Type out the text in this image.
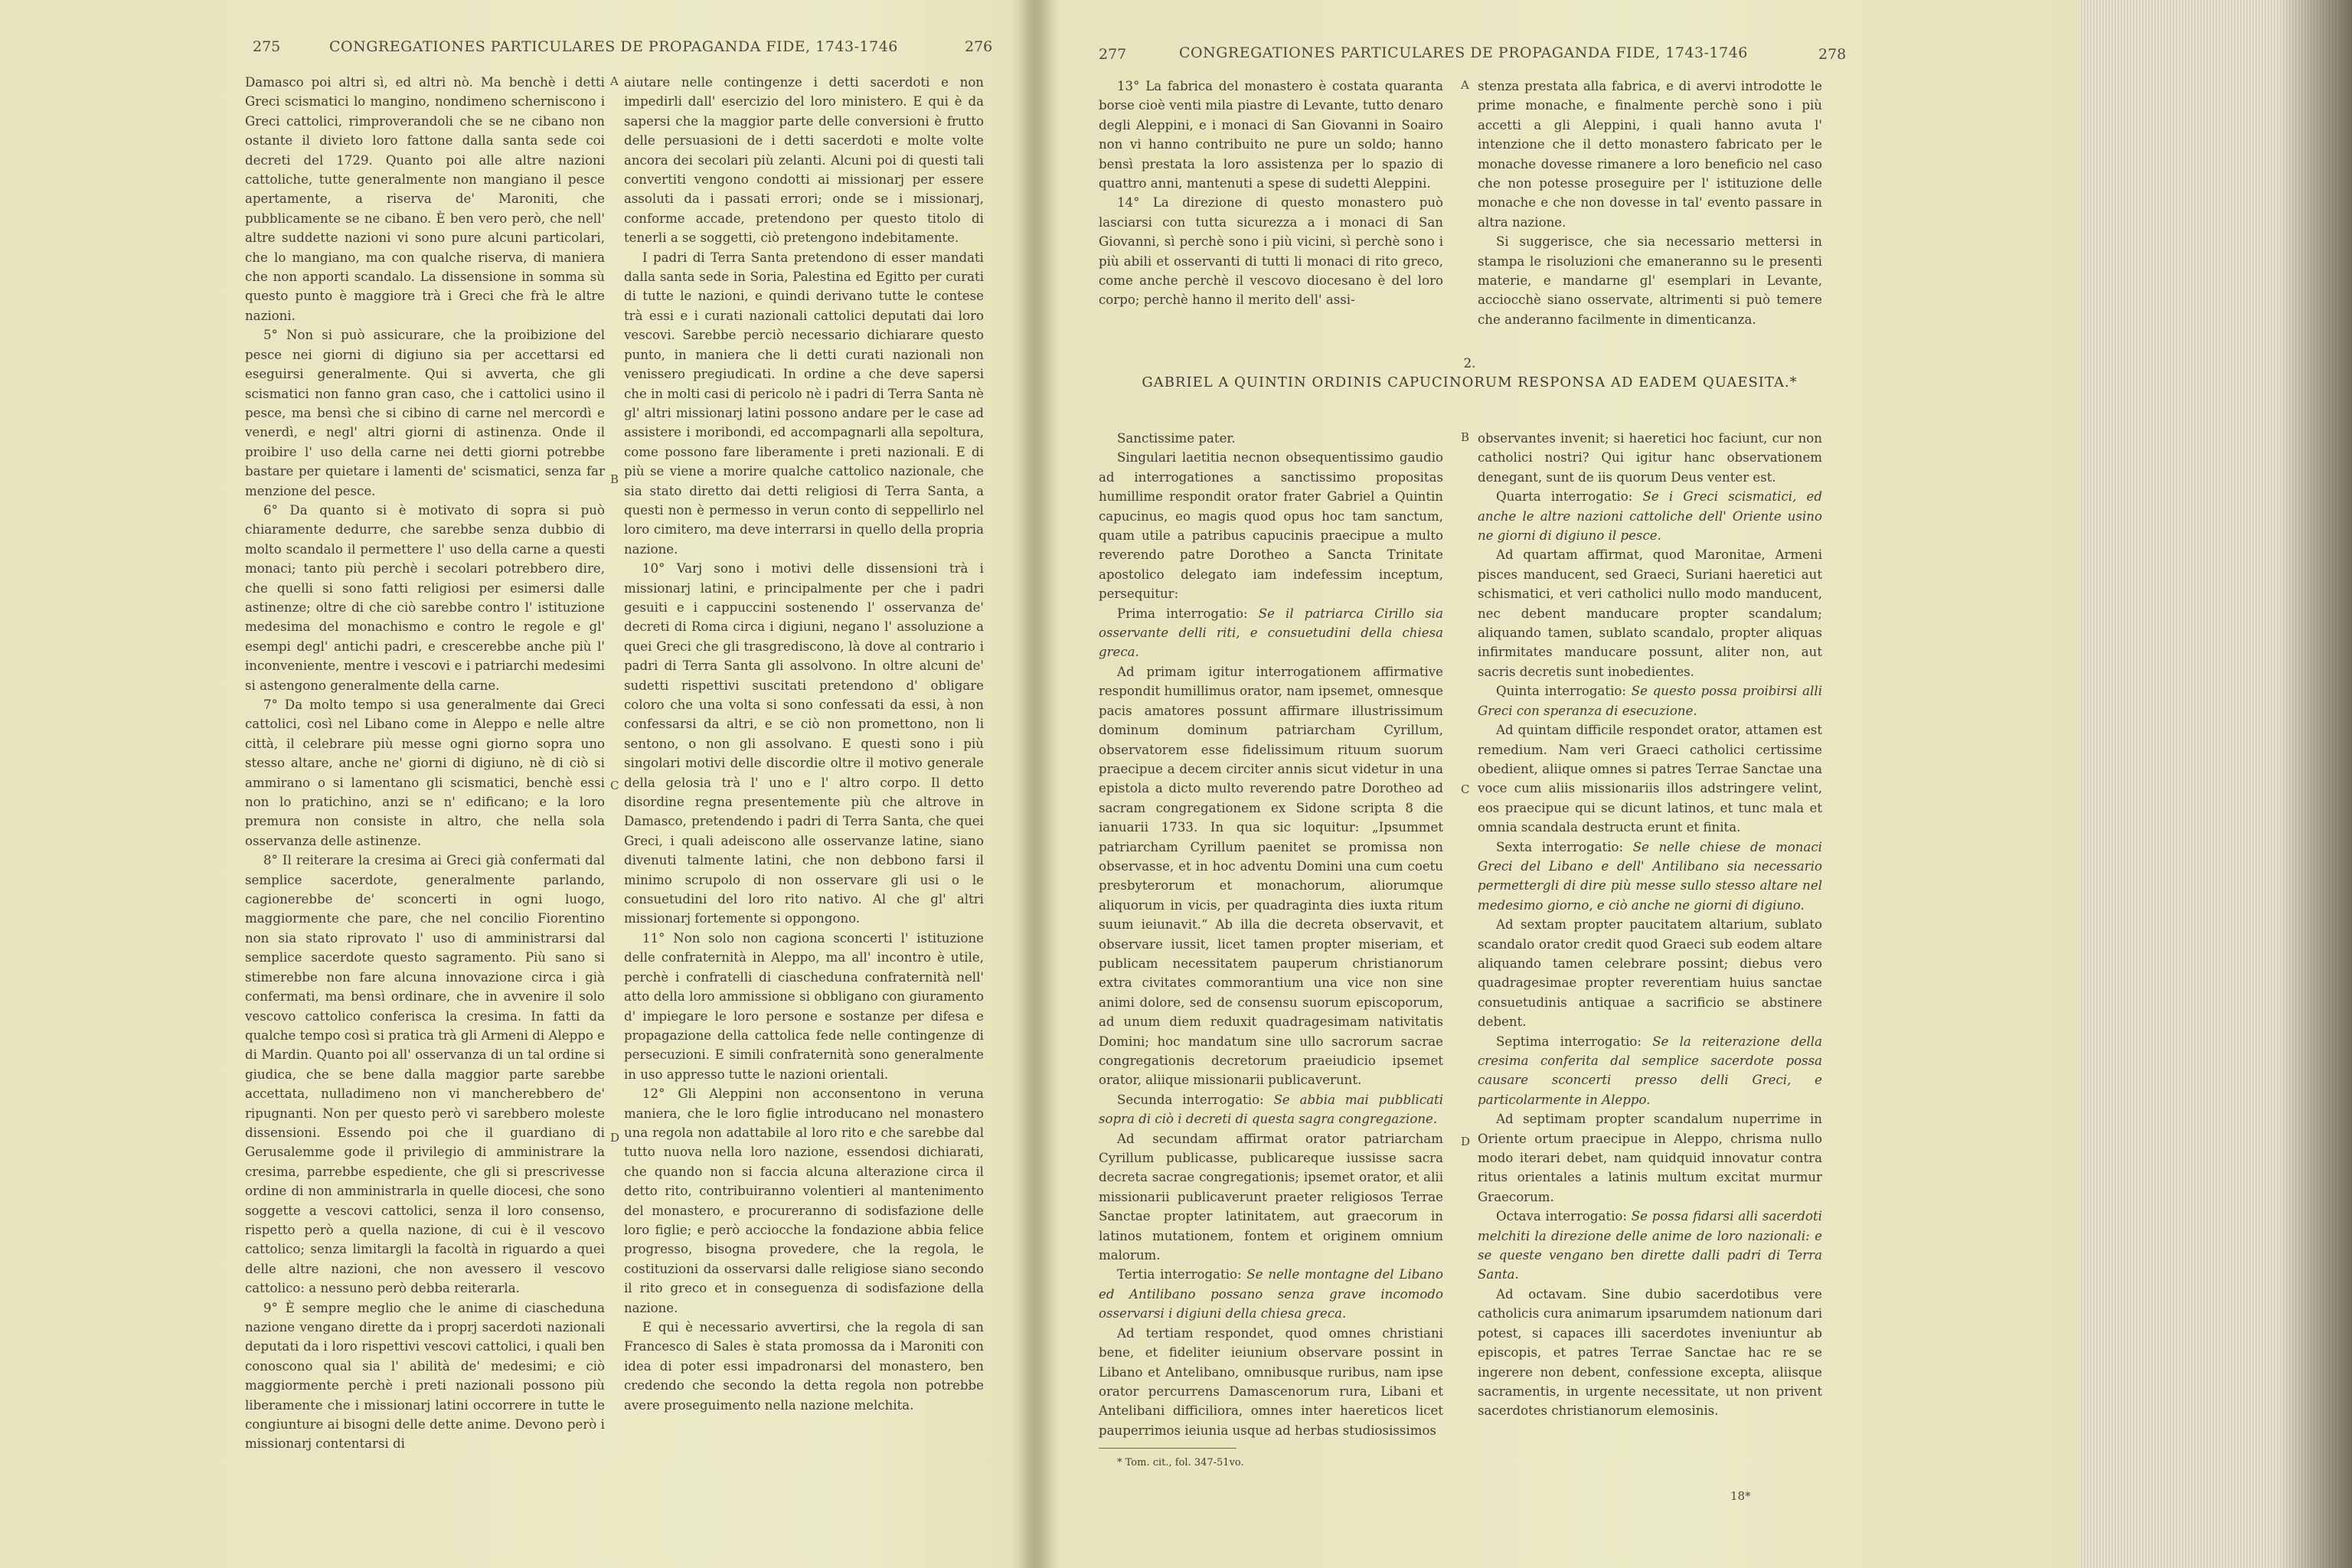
275	CONGREGATIONES PARTICULARES DE PROPAGANDA FIDE, 1743-1746	276

Damasco poi altri sì, ed altri nò. Ma benchè i detti Greci scismatici lo mangino, nondimeno scherniscono i Greci cattolici, rimproverandoli che se ne cibano non ostante il divieto loro fattone dalla santa sede coi decreti del 1729. Quanto poi alle altre nazioni cattoliche, tutte generalmente non mangiano il pesce apertamente, a riserva de' Maroniti, che pubblicamente se ne cibano. È ben vero però, che nell' altre suddette nazioni vi sono pure alcuni particolari, che lo mangiano, ma con qualche riserva, di maniera che non apporti scandalo. La dissensione in somma sù questo punto è maggiore trà i Greci che frà le altre nazioni.

5° Non si può assicurare, che la proibizione del pesce nei giorni di digiuno sia per accettarsi ed eseguirsi generalmente. Qui si avverta, che gli scismatici non fanno gran caso, che i cattolici usino il pesce, ma bensì che si cibino di carne nel mercordì e venerdì, e negl' altri giorni di astinenza. Onde il proibire l' uso della carne nei detti giorni potrebbe bastare per quietare i lamenti de' scismatici, senza far menzione del pesce.

6° Da quanto si è motivato di sopra si può chiaramente dedurre, che sarebbe senza dubbio di molto scandalo il permettere l' uso della carne a questi monaci; tanto più perchè i secolari potrebbero dire, che quelli si sono fatti religiosi per esimersi dalle astinenze; oltre di che ciò sarebbe contro l' istituzione medesima del monachismo e contro le regole e gl' esempi degl' antichi padri, e crescerebbe anche più l' inconveniente, mentre i vescovi e i patriarchi medesimi si astengono generalmente della carne.

7° Da molto tempo si usa generalmente dai Greci cattolici, così nel Libano come in Aleppo e nelle altre città, il celebrare più messe ogni giorno sopra uno stesso altare, anche ne' giorni di digiuno, nè di ciò si ammirano o si lamentano gli scismatici, benchè essi non lo pratichino, anzi se n' edificano; e la loro premura non consiste in altro, che nella sola osservanza delle astinenze.

8° Il reiterare la cresima ai Greci già confermati dal semplice sacerdote, generalmente parlando, cagionerebbe de' sconcerti in ogni luogo, maggiormente che pare, che nel concilio Fiorentino non sia stato riprovato l' uso di amministrarsi dal semplice sacerdote questo sagramento. Più sano si stimerebbe non fare alcuna innovazione circa i già confermati, ma bensì ordinare, che in avvenire il solo vescovo cattolico conferisca la cresima. In fatti da qualche tempo così si pratica trà gli Armeni di Aleppo e di Mardin. Quanto poi all' osservanza di un tal ordine si giudica, che se bene dalla maggior parte sarebbe accettata, nulladimeno non vi mancherebbero de' ripugnanti. Non per questo però vi sarebbero moleste dissensioni. Essendo poi che il guardiano di Gerusalemme gode il privilegio di amministrare la cresima, parrebbe espediente, che gli si prescrivesse ordine di non amministrarla in quelle diocesi, che sono soggette a vescovi cattolici, senza il loro consenso, rispetto però a quella nazione, di cui è il vescovo cattolico; senza limitargli la facoltà in riguardo a quei delle altre nazioni, che non avessero il vescovo cattolico: a nessuno però debba reiterarla.

9° È sempre meglio che le anime di ciascheduna nazione vengano dirette da i proprj sacerdoti nazionali deputati da i loro rispettivi vescovi cattolici, i quali ben conoscono qual sia l' abilità de' medesimi; e ciò maggiormente perchè i preti nazionali possono più liberamente che i missionarj latini occorrere in tutte le congiunture ai bisogni delle dette anime. Devono però i missionarj contentarsi di

A
B
C
D

aiutare nelle contingenze i detti sacerdoti e non impedirli dall' esercizio del loro ministero. E qui è da sapersi che la maggior parte delle conversioni è frutto delle persuasioni de i detti sacerdoti e molte volte ancora dei secolari più zelanti. Alcuni poi di questi tali convertiti vengono condotti ai missionarj per essere assoluti da i passati errori; onde se i missionarj, conforme accade, pretendono per questo titolo di tenerli a se soggetti, ciò pretengono indebitamente.

I padri di Terra Santa pretendono di esser mandati dalla santa sede in Soria, Palestina ed Egitto per curati di tutte le nazioni, e quindi derivano tutte le contese trà essi e i curati nazionali cattolici deputati dai loro vescovi. Sarebbe perciò necessario dichiarare questo punto, in maniera che li detti curati nazionali non venissero pregiudicati. In ordine a che deve sapersi che in molti casi di pericolo nè i padri di Terra Santa nè gl' altri missionarj latini possono andare per le case ad assistere i moribondi, ed accompagnarli alla sepoltura, come possono fare liberamente i preti nazionali. E di più se viene a morire qualche cattolico nazionale, che sia stato diretto dai detti religiosi di Terra Santa, a questi non è permesso in verun conto di seppellirlo nel loro cimitero, ma deve interrarsi in quello della propria nazione.

10° Varj sono i motivi delle dissensioni trà i missionarj latini, e principalmente per che i padri gesuiti e i cappuccini sostenendo l' osservanza de' decreti di Roma circa i digiuni, negano l' assoluzione a quei Greci che gli trasgrediscono, là dove al contrario i padri di Terra Santa gli assolvono. In oltre alcuni de' sudetti rispettivi suscitati pretendono d' obligare coloro che una volta si sono confessati da essi, à non confessarsi da altri, e se ciò non promettono, non li sentono, o non gli assolvano. E questi sono i più singolari motivi delle discordie oltre il motivo generale della gelosia trà l' uno e l' altro corpo. Il detto disordine regna presentemente più che altrove in Damasco, pretendendo i padri di Terra Santa, che quei Greci, i quali adeiscono alle osservanze latine, siano divenuti talmente latini, che non debbono farsi il minimo scrupolo di non osservare gli usi o le consuetudini del loro rito nativo. Al che gl' altri missionarj fortemente si oppongono.

11° Non solo non cagiona sconcerti l' istituzione delle confraternità in Aleppo, ma all' incontro è utile, perchè i confratelli di ciascheduna confraternità nell' atto della loro ammissione si obbligano con giuramento d' impiegare le loro persone e sostanze per difesa e propagazione della cattolica fede nelle contingenze di persecuzioni. E simili confraternità sono generalmente in uso appresso tutte le nazioni orientali.

12° Gli Aleppini non acconsentono in veruna maniera, che le loro figlie introducano nel monastero una regola non adattabile al loro rito e che sarebbe dal tutto nuova nella loro nazione, essendosi dichiarati, che quando non si faccia alcuna alterazione circa il detto rito, contribuiranno volentieri al mantenimento del monastero, e procureranno di sodisfazione delle loro figlie; e però acciocche la fondazione abbia felice progresso, bisogna provedere, che la regola, le costituzioni da osservarsi dalle religiose siano secondo il rito greco et in conseguenza di sodisfazione della nazione.

E qui è necessario avvertirsi, che la regola di san Francesco di Sales è stata promossa da i Maroniti con idea di poter essi impadronarsi del monastero, ben credendo che secondo la detta regola non potrebbe avere proseguimento nella nazione melchita.

277	CONGREGATIONES PARTICULARES DE PROPAGANDA FIDE, 1743-1746	278

13° La fabrica del monastero è costata quaranta borse cioè venti mila piastre di Levante, tutto denaro degli Aleppini, e i monaci di San Giovanni in Soairo non vi hanno contribuito ne pure un soldo; hanno bensì prestata la loro assistenza per lo spazio di quattro anni, mantenuti a spese di sudetti Aleppini.

14° La direzione di questo monastero può lasciarsi con tutta sicurezza a i monaci di San Giovanni, sì perchè sono i più vicini, sì perchè sono i più abili et osservanti di tutti li monaci di rito greco, come anche perchè il vescovo diocesano è del loro corpo; perchè hanno il merito dell' assi-

A stenza prestata alla fabrica, e di avervi introdotte le prime monache, e finalmente perchè sono i più accetti a gli Aleppini, i quali hanno avuta l' intenzione che il detto monastero fabricato per le monache dovesse rimanere a loro beneficio nel caso che non potesse proseguire per l' istituzione delle monache e che non dovesse in tal' evento passare in altra nazione.

Si suggerisce, che sia necessario mettersi in stampa le risoluzioni che emaneranno su le presenti materie, e mandarne gl' esemplari in Levante, acciocchè siano osservate, altrimenti si può temere che anderanno facilmente in dimenticanza.

2.

GABRIEL A QUINTIN ORDINIS CAPUCINORUM RESPONSA AD EADEM QUAESITA.*

Sanctissime pater.

Singulari laetitia necnon obsequentissimo gaudio ad interrogationes a sanctissimo propositas humillime respondit orator frater Gabriel a Quintin capucinus, eo magis quod opus hoc tam sanctum, quam utile a patribus capucinis praecipue a multo reverendo patre Dorotheo a Sancta Trinitate apostolico delegato iam indefessim inceptum, persequitur:

Prima interrogatio: Se il patriarca Cirillo sia osservante delli riti, e consuetudini della chiesa greca.

Ad primam igitur interrogationem affirmative respondit humillimus orator, nam ipsemet, omnesque pacis amatores possunt affirmare illustrissimum dominum dominum patriarcham Cyrillum, observatorem esse fidelissimum rituum suorum praecipue a decem circiter annis sicut videtur in una epistola a dicto multo reverendo patre Dorotheo ad sacram congregationem ex Sidone scripta 8 die ianuarii 1733. In qua sic loquitur: „Ipsummet patriarcham Cyrillum paenitet se promissa non observasse, et in hoc adventu Domini una cum coetu presbyterorum et monachorum, aliorumque aliquorum in vicis, per quadraginta dies iuxta ritum suum ieiunavit.“ Ab illa die decreta observavit, et observare iussit, licet tamen propter miseriam, et publicam necessitatem pauperum christianorum extra civitates commorantium una vice non sine animi dolore, sed de consensu suorum episcoporum, ad unum diem reduxit quadragesimam nativitatis Domini; hoc mandatum sine ullo sacrorum sacrae congregationis decretorum praeiudicio ipsemet orator, aliique missionarii publicaverunt.

Secunda interrogatio: Se abbia mai pubblicati sopra di ciò i decreti di questa sagra congregazione.

Ad secundam affirmat orator patriarcham Cyrillum publicasse, publicareque iussisse sacra decreta sacrae congregationis; ipsemet orator, et alii missionarii publicaverunt praeter religiosos Terrae Sanctae propter latinitatem, aut graecorum in latinos mutationem, fontem et originem omnium malorum.

Tertia interrogatio: Se nelle montagne del Libano ed Antilibano possano senza grave incomodo osservarsi i digiuni della chiesa greca.

Ad tertiam respondet, quod omnes christiani bene, et fideliter ieiunium observare possint in Libano et Antelibano, omnibusque ruribus, nam ipse orator percurrens Damascenorum rura, Libani et Antelibani difficiliora, omnes inter haereticos licet pauperrimos ieiunia usque ad herbas studiosissimos

* Tom. cit., fol. 347-51vo.

B
C
D

observantes invenit; si haeretici hoc faciunt, cur non catholici nostri? Qui igitur hanc observationem denegant, sunt de iis quorum Deus venter est.

Quarta interrogatio: Se i Greci scismatici, ed anche le altre nazioni cattoliche dell' Oriente usino ne giorni di digiuno il pesce.

Ad quartam affirmat, quod Maronitae, Armeni pisces manducent, sed Graeci, Suriani haeretici aut schismatici, et veri catholici nullo modo manducent, nec debent manducare propter scandalum; aliquando tamen, sublato scandalo, propter aliquas infirmitates manducare possunt, aliter non, aut sacris decretis sunt inobedientes.

Quinta interrogatio: Se questo possa proibirsi alli Greci con speranza di esecuzione.

Ad quintam difficile respondet orator, attamen est remedium. Nam veri Graeci catholici certissime obedient, aliique omnes si patres Terrae Sanctae una voce cum aliis missionariis illos adstringere velint, eos praecipue qui se dicunt latinos, et tunc mala et omnia scandala destructa erunt et finita.

Sexta interrogatio: Se nelle chiese de monaci Greci del Libano e dell' Antilibano sia necessario permettergli di dire più messe sullo stesso altare nel medesimo giorno, e ciò anche ne giorni di digiuno.

Ad sextam propter paucitatem altarium, sublato scandalo orator credit quod Graeci sub eodem altare aliquando tamen celebrare possint; diebus vero quadragesimae propter reverentiam huius sanctae consuetudinis antiquae a sacrificio se abstinere debent.

Septima interrogatio: Se la reiterazione della cresima conferita dal semplice sacerdote possa causare sconcerti presso delli Greci, e particolarmente in Aleppo.

Ad septimam propter scandalum nuperrime in Oriente ortum praecipue in Aleppo, chrisma nullo modo iterari debet, nam quidquid innovatur contra ritus orientales a latinis multum excitat murmur Graecorum.

Octava interrogatio: Se possa fidarsi alli sacerdoti melchiti la direzione delle anime de loro nazionali: e se queste vengano ben dirette dalli padri di Terra Santa.

Ad octavam. Sine dubio sacerdotibus vere catholicis cura animarum ipsarumdem nationum dari potest, si capaces illi sacerdotes inveniuntur ab episcopis, et patres Terrae Sanctae hac re se ingerere non debent, confessione excepta, aliisque sacramentis, in urgente necessitate, ut non privent sacerdotes christianorum elemosinis.

18*
